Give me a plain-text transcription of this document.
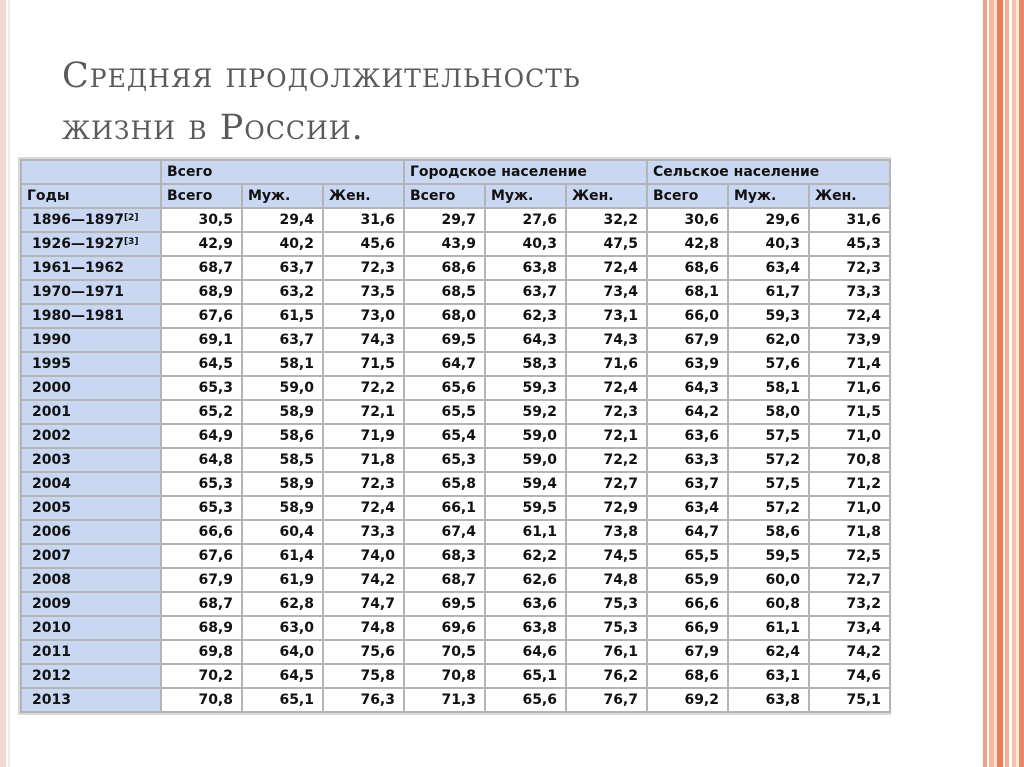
Средняя продолжительность
жизни в России.
	Всего			Городское население			Сельское население		
Годы	Всего	Муж.	Жен.	Всего	Муж.	Жен.	Всего	Муж.	Жен.
1896—1897[2]	30,5	29,4	31,6	29,7	27,6	32,2	30,6	29,6	31,6
1926—1927[3]	42,9	40,2	45,6	43,9	40,3	47,5	42,8	40,3	45,3
1961—1962	68,7	63,7	72,3	68,6	63,8	72,4	68,6	63,4	72,3
1970—1971	68,9	63,2	73,5	68,5	63,7	73,4	68,1	61,7	73,3
1980—1981	67,6	61,5	73,0	68,0	62,3	73,1	66,0	59,3	72,4
1990	69,1	63,7	74,3	69,5	64,3	74,3	67,9	62,0	73,9
1995	64,5	58,1	71,5	64,7	58,3	71,6	63,9	57,6	71,4
2000	65,3	59,0	72,2	65,6	59,3	72,4	64,3	58,1	71,6
2001	65,2	58,9	72,1	65,5	59,2	72,3	64,2	58,0	71,5
2002	64,9	58,6	71,9	65,4	59,0	72,1	63,6	57,5	71,0
2003	64,8	58,5	71,8	65,3	59,0	72,2	63,3	57,2	70,8
2004	65,3	58,9	72,3	65,8	59,4	72,7	63,7	57,5	71,2
2005	65,3	58,9	72,4	66,1	59,5	72,9	63,4	57,2	71,0
2006	66,6	60,4	73,3	67,4	61,1	73,8	64,7	58,6	71,8
2007	67,6	61,4	74,0	68,3	62,2	74,5	65,5	59,5	72,5
2008	67,9	61,9	74,2	68,7	62,6	74,8	65,9	60,0	72,7
2009	68,7	62,8	74,7	69,5	63,6	75,3	66,6	60,8	73,2
2010	68,9	63,0	74,8	69,6	63,8	75,3	66,9	61,1	73,4
2011	69,8	64,0	75,6	70,5	64,6	76,1	67,9	62,4	74,2
2012	70,2	64,5	75,8	70,8	65,1	76,2	68,6	63,1	74,6
2013	70,8	65,1	76,3	71,3	65,6	76,7	69,2	63,8	75,1
